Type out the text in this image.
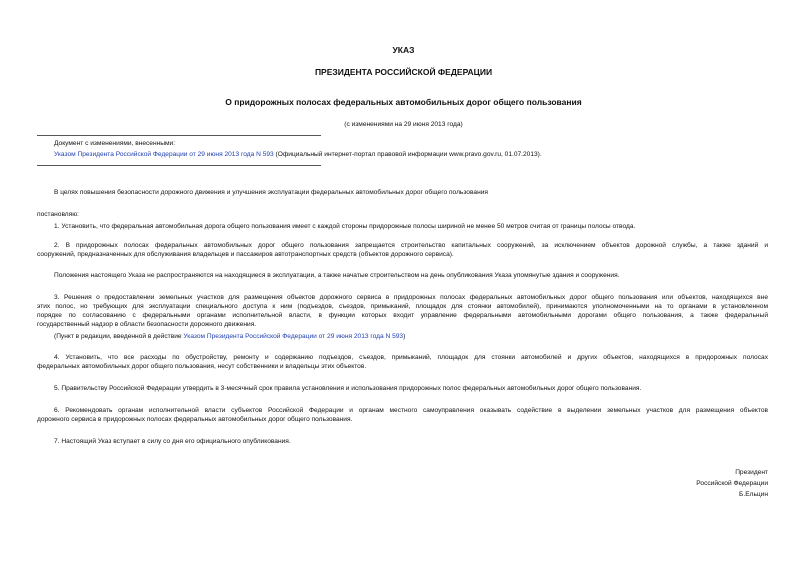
УКАЗ
ПРЕЗИДЕНТА РОССИЙСКОЙ ФЕДЕРАЦИИ
О придорожных полосах федеральных автомобильных дорог общего пользования
(с изменениями на 29 июня 2013 года)
Документ с изменениями, внесенными:
Указом Президента Российской Федерации от 29 июня 2013 года N 593 (Официальный интернет-портал правовой информации www.pravo.gov.ru, 01.07.2013).
В целях повышения безопасности дорожного движения и улучшения эксплуатации федеральных автомобильных дорог общего пользования
постановляю:
1. Установить, что федеральная автомобильная дорога общего пользования имеет с каждой стороны придорожные полосы шириной не менее 50 метров считая от границы полосы отвода.
2. В придорожных полосах федеральных автомобильных дорог общего пользования запрещается строительство капитальных сооружений, за исключением объектов дорожной службы, а также зданий и
сооружений, предназначенных для обслуживания владельцев и пассажиров автотранспортных средств (объектов дорожного сервиса).
Положения настоящего Указа не распространяются на находящиеся в эксплуатации, а также начатые строительством на день опубликования Указа упомянутые здания и сооружения.
3. Решения о предоставлении земельных участков для размещения объектов дорожного сервиса в придорожных полосах федеральных автомобильных дорог общего пользования или объектов, находящихся вне
этих полос, но требующих для эксплуатации специального доступа к ним (подъездов, съездов, примыканий, площадок для стоянки автомобилей), принимаются уполномоченными на то органами в установленном
порядке по согласованию с федеральными органами исполнительной власти, в функции которых входит управление федеральными автомобильными дорогами общего пользования, а также федеральный
государственный надзор в области безопасности дорожного движения.
(Пункт в редакции, введенной в действие Указом Президента Российской Федерации от 29 июня 2013 года N 593)
4. Установить, что все расходы по обустройству, ремонту и содержанию подъездов, съездов, примыканий, площадок для стоянки автомобилей и других объектов, находящихся в придорожных полосах
федеральных автомобильных дорог общего пользования, несут собственники и владельцы этих объектов.
5. Правительству Российской Федерации утвердить в 3-месячный срок правила установления и использования придорожных полос федеральных автомобильных дорог общего пользования.
6. Рекомендовать органам исполнительной власти субъектов Российской Федерации и органам местного самоуправления оказывать содействие в выделении земельных участков для размещения объектов
дорожного сервиса в придорожных полосах федеральных автомобильных дорог общего пользования.
7. Настоящий Указ вступает в силу со дня его официального опубликования.
Президент
Российской Федерации
Б.Ельцин
